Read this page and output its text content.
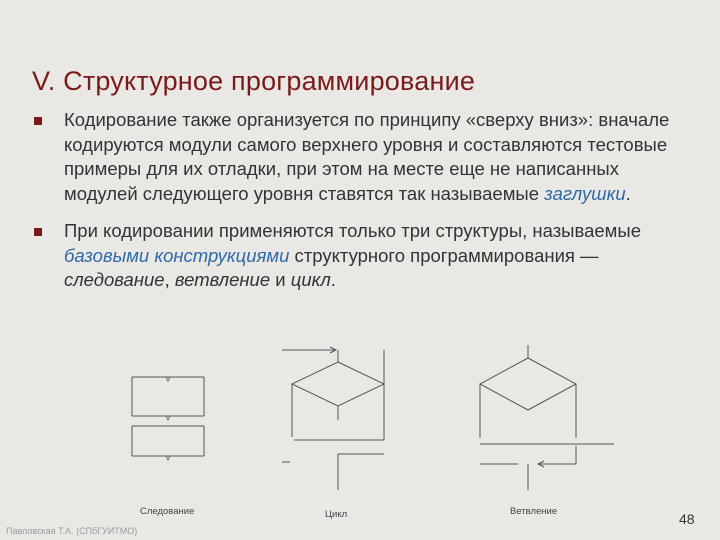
V. Структурное программирование
Кодирование также организуется по принципу «сверху вниз»: вначале кодируются модули самого верхнего уровня и составляются тестовые примеры для их отладки, при этом на месте еще не написанных модулей следующего уровня ставятся так называемые заглушки.
При кодировании применяются только три структуры, называемые базовыми конструкциями структурного программирования — следование, ветвление и цикл.
Следование	Цикл	Ветвление
Павловская Т.А. (СПбГУИТМО)
48
